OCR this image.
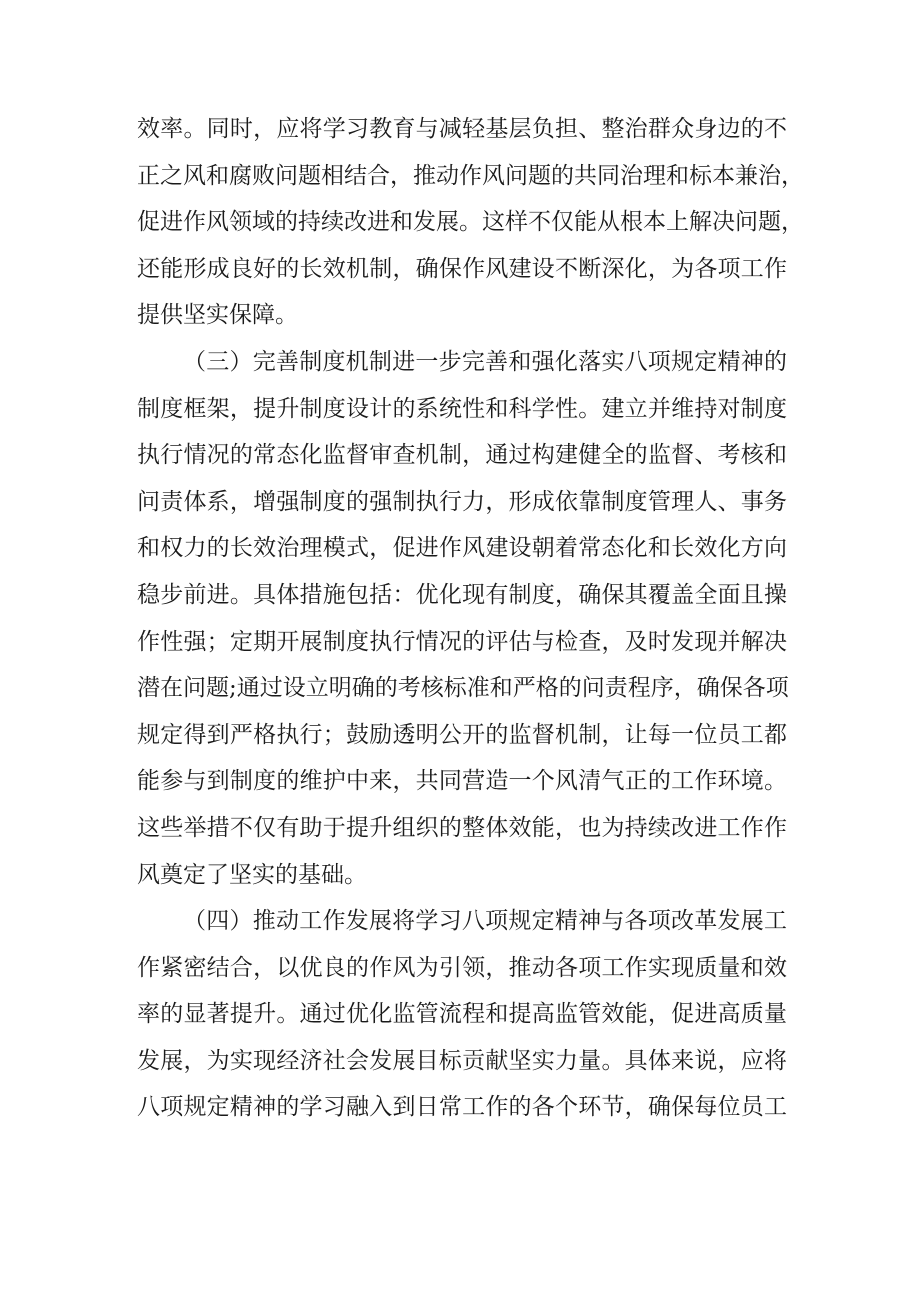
效率。同时，应将学习教育与减轻基层负担、整治群众身边的不
正之风和腐败问题相结合，推动作风问题的共同治理和标本兼治，
促进作风领域的持续改进和发展。这样不仅能从根本上解决问题，
还能形成良好的长效机制，确保作风建设不断深化，为各项工作
提供坚实保障。
（三）完善制度机制进一步完善和强化落实八项规定精神的
制度框架，提升制度设计的系统性和科学性。建立并维持对制度
执行情况的常态化监督审查机制，通过构建健全的监督、考核和
问责体系，增强制度的强制执行力，形成依靠制度管理人、事务
和权力的长效治理模式，促进作风建设朝着常态化和长效化方向
稳步前进。具体措施包括：优化现有制度，确保其覆盖全面且操
作性强；定期开展制度执行情况的评估与检查，及时发现并解决
潜在问题;通过设立明确的考核标准和严格的问责程序，确保各项
规定得到严格执行；鼓励透明公开的监督机制，让每一位员工都
能参与到制度的维护中来，共同营造一个风清气正的工作环境。
这些举措不仅有助于提升组织的整体效能，也为持续改进工作作
风奠定了坚实的基础。
（四）推动工作发展将学习八项规定精神与各项改革发展工
作紧密结合，以优良的作风为引领，推动各项工作实现质量和效
率的显著提升。通过优化监管流程和提高监管效能，促进高质量
发展，为实现经济社会发展目标贡献坚实力量。具体来说，应将
八项规定精神的学习融入到日常工作的各个环节，确保每位员工
